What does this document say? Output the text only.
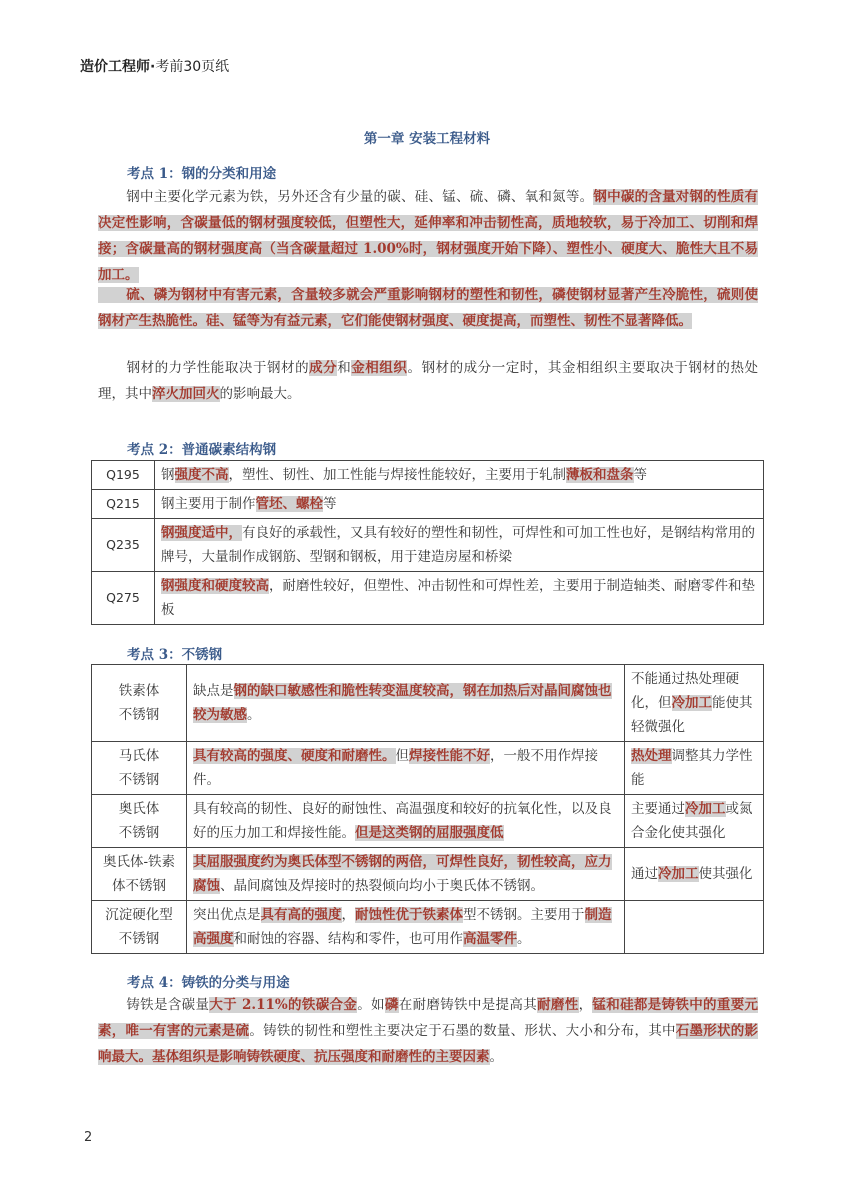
造价工程师·考前30页纸
第一章 安装工程材料
考点 1：钢的分类和用途
钢中主要化学元素为铁，另外还含有少量的碳、硅、锰、硫、磷、氧和氮等。钢中碳的含量对钢的性质有决定性影响，含碳量低的钢材强度较低，但塑性大，延伸率和冲击韧性高，质地较软，易于冷加工、切削和焊接；含碳量高的钢材强度高（当含碳量超过 1.00%时，钢材强度开始下降）、塑性小、硬度大、脆性大且不易加工。
硫、磷为钢材中有害元素，含量较多就会严重影响钢材的塑性和韧性，磷使钢材显著产生冷脆性，硫则使钢材产生热脆性。硅、锰等为有益元素，它们能使钢材强度、硬度提高，而塑性、韧性不显著降低。
钢材的力学性能取决于钢材的成分和金相组织。钢材的成分一定时，其金相组织主要取决于钢材的热处理，其中淬火加回火的影响最大。
考点 2：普通碳素结构钢
Q195	钢强度不高，塑性、韧性、加工性能与焊接性能较好，主要用于轧制薄板和盘条等
Q215	钢主要用于制作管坯、螺栓等
Q235	钢强度适中，有良好的承载性，又具有较好的塑性和韧性，可焊性和可加工性也好，是钢结构常用的牌号，大量制作成钢筋、型钢和钢板，用于建造房屋和桥梁
Q275	钢强度和硬度较高，耐磨性较好，但塑性、冲击韧性和可焊性差，主要用于制造轴类、耐磨零件和垫板
考点 3：不锈钢
铁素体
不锈钢	缺点是钢的缺口敏感性和脆性转变温度较高，钢在加热后对晶间腐蚀也较为敏感。	不能通过热处理硬化，但冷加工能使其轻微强化
马氏体
不锈钢	具有较高的强度、硬度和耐磨性。但焊接性能不好，一般不用作焊接件。	热处理调整其力学性能
奥氏体
不锈钢	具有较高的韧性、良好的耐蚀性、高温强度和较好的抗氧化性，以及良好的压力加工和焊接性能。但是这类钢的屈服强度低	主要通过冷加工或氮合金化使其强化
奥氏体-铁素
体不锈钢	其屈服强度约为奥氏体型不锈钢的两倍，可焊性良好，韧性较高，应力腐蚀、晶间腐蚀及焊接时的热裂倾向均小于奥氏体不锈钢。	通过冷加工使其强化
沉淀硬化型
不锈钢	突出优点是具有高的强度，耐蚀性优于铁素体型不锈钢。主要用于制造高强度和耐蚀的容器、结构和零件，也可用作高温零件。	
考点 4：铸铁的分类与用途
铸铁是含碳量大于 2.11%的铁碳合金。如磷在耐磨铸铁中是提高其耐磨性，锰和硅都是铸铁中的重要元素，唯一有害的元素是硫。铸铁的韧性和塑性主要决定于石墨的数量、形状、大小和分布，其中石墨形状的影响最大。基体组织是影响铸铁硬度、抗压强度和耐磨性的主要因素。
2
